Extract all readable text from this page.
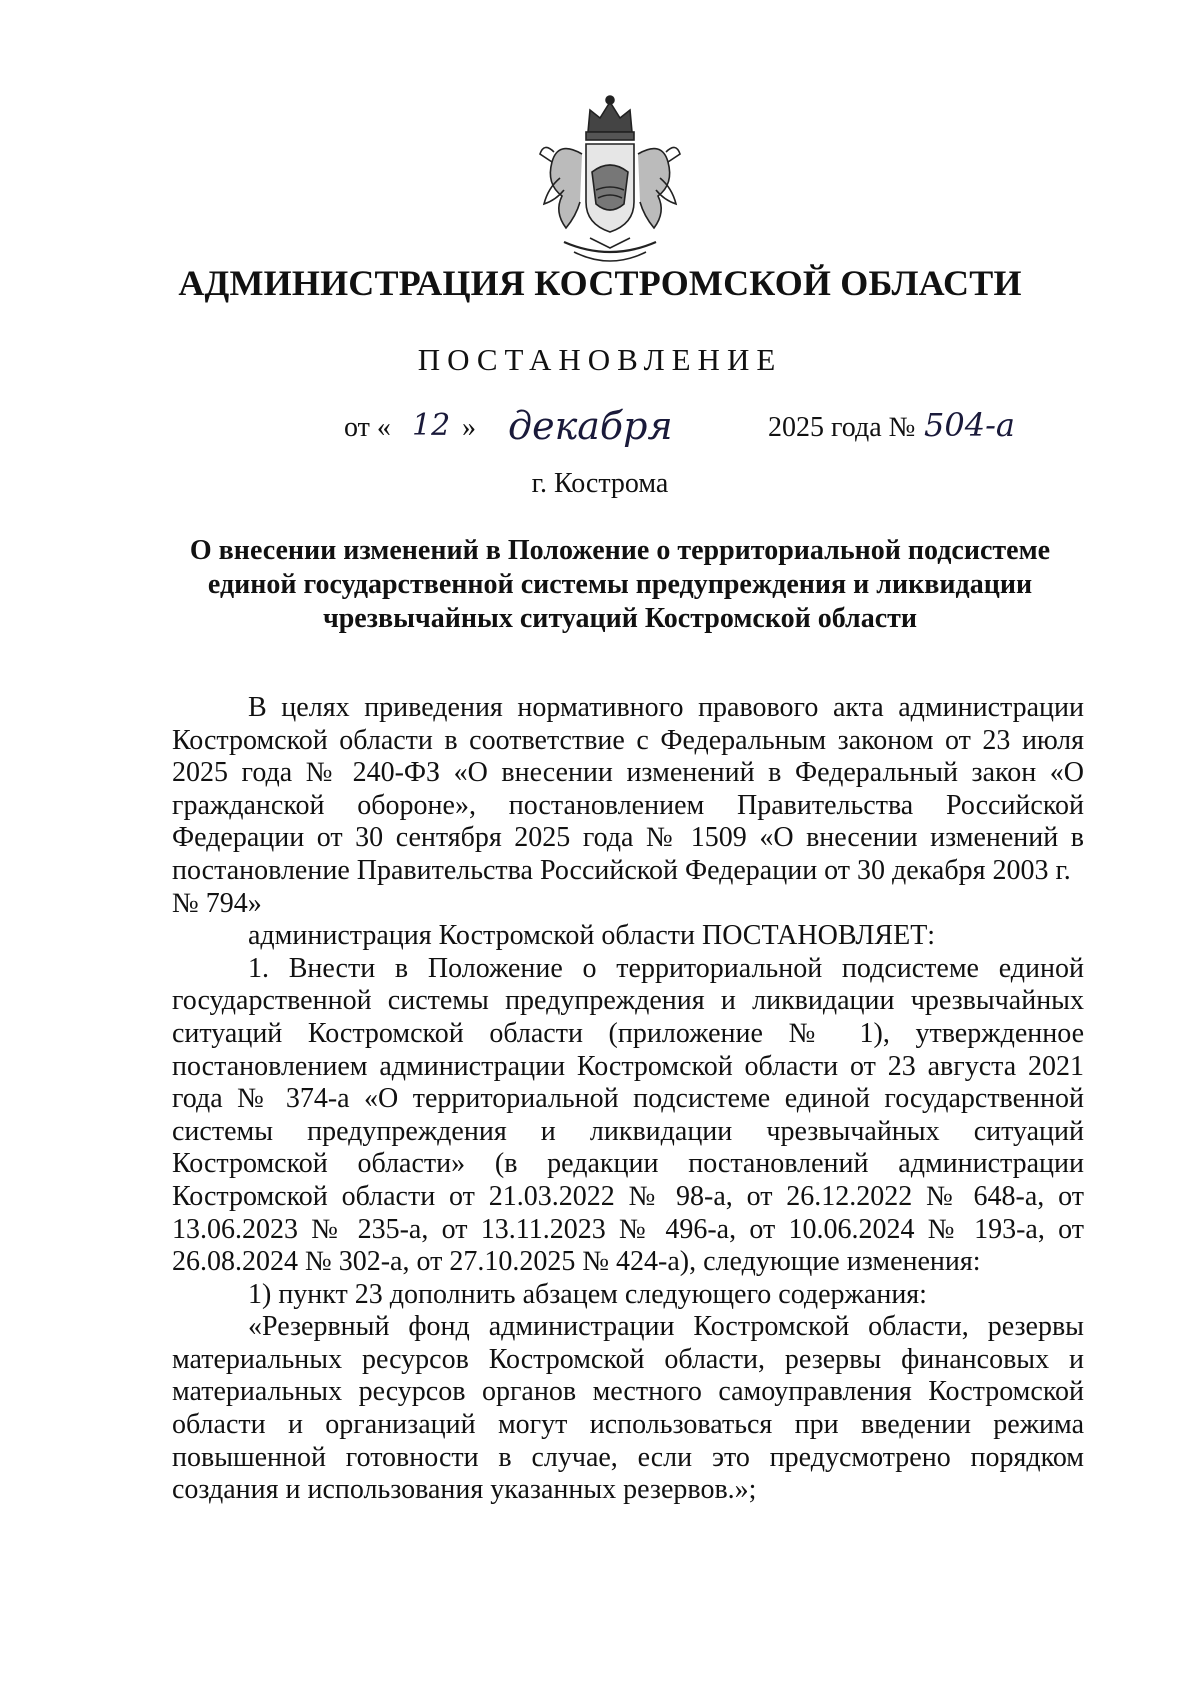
АДМИНИСТРАЦИЯ КОСТРОМСКОЙ ОБЛАСТИ
ПОСТАНОВЛЕНИЕ
от « 12 » декабря	2025 года № 504-а
г. Кострома
О внесении изменений в Положение о территориальной подсистеме
единой государственной системы предупреждения и ликвидации
чрезвычайных ситуаций Костромской области

В целях приведения нормативного правового акта администрации Костромской области в соответствие с Федеральным законом от 23 июля 2025 года № 240-ФЗ «О внесении изменений в Федеральный закон «О гражданской обороне», постановлением Правительства Российской Федерации от 30 сентября 2025 года № 1509 «О внесении изменений в постановление Правительства Российской Федерации от 30 декабря 2003 г.

№ 794»

администрация Костромской области ПОСТАНОВЛЯЕТ:

1. Внести в Положение о территориальной подсистеме единой государственной системы предупреждения и ликвидации чрезвычайных ситуаций Костромской области (приложение № 1), утвержденное постановлением администрации Костромской области от 23 августа 2021 года № 374-а «О территориальной подсистеме единой государственной системы предупреждения и ликвидации чрезвычайных ситуаций Костромской области» (в редакции постановлений администрации Костромской области от 21.03.2022 № 98-а, от 26.12.2022 № 648-а, от 13.06.2023 № 235-а, от 13.11.2023 № 496-а, от 10.06.2024 № 193-а, от 26.08.2024 № 302-а, от 27.10.2025 № 424-а), следующие изменения:

1) пункт 23 дополнить абзацем следующего содержания:

«Резервный фонд администрации Костромской области, резервы материальных ресурсов Костромской области, резервы финансовых и материальных ресурсов органов местного самоуправления Костромской области и организаций могут использоваться при введении режима повышенной готовности в случае, если это предусмотрено порядком создания и использования указанных резервов.»;
